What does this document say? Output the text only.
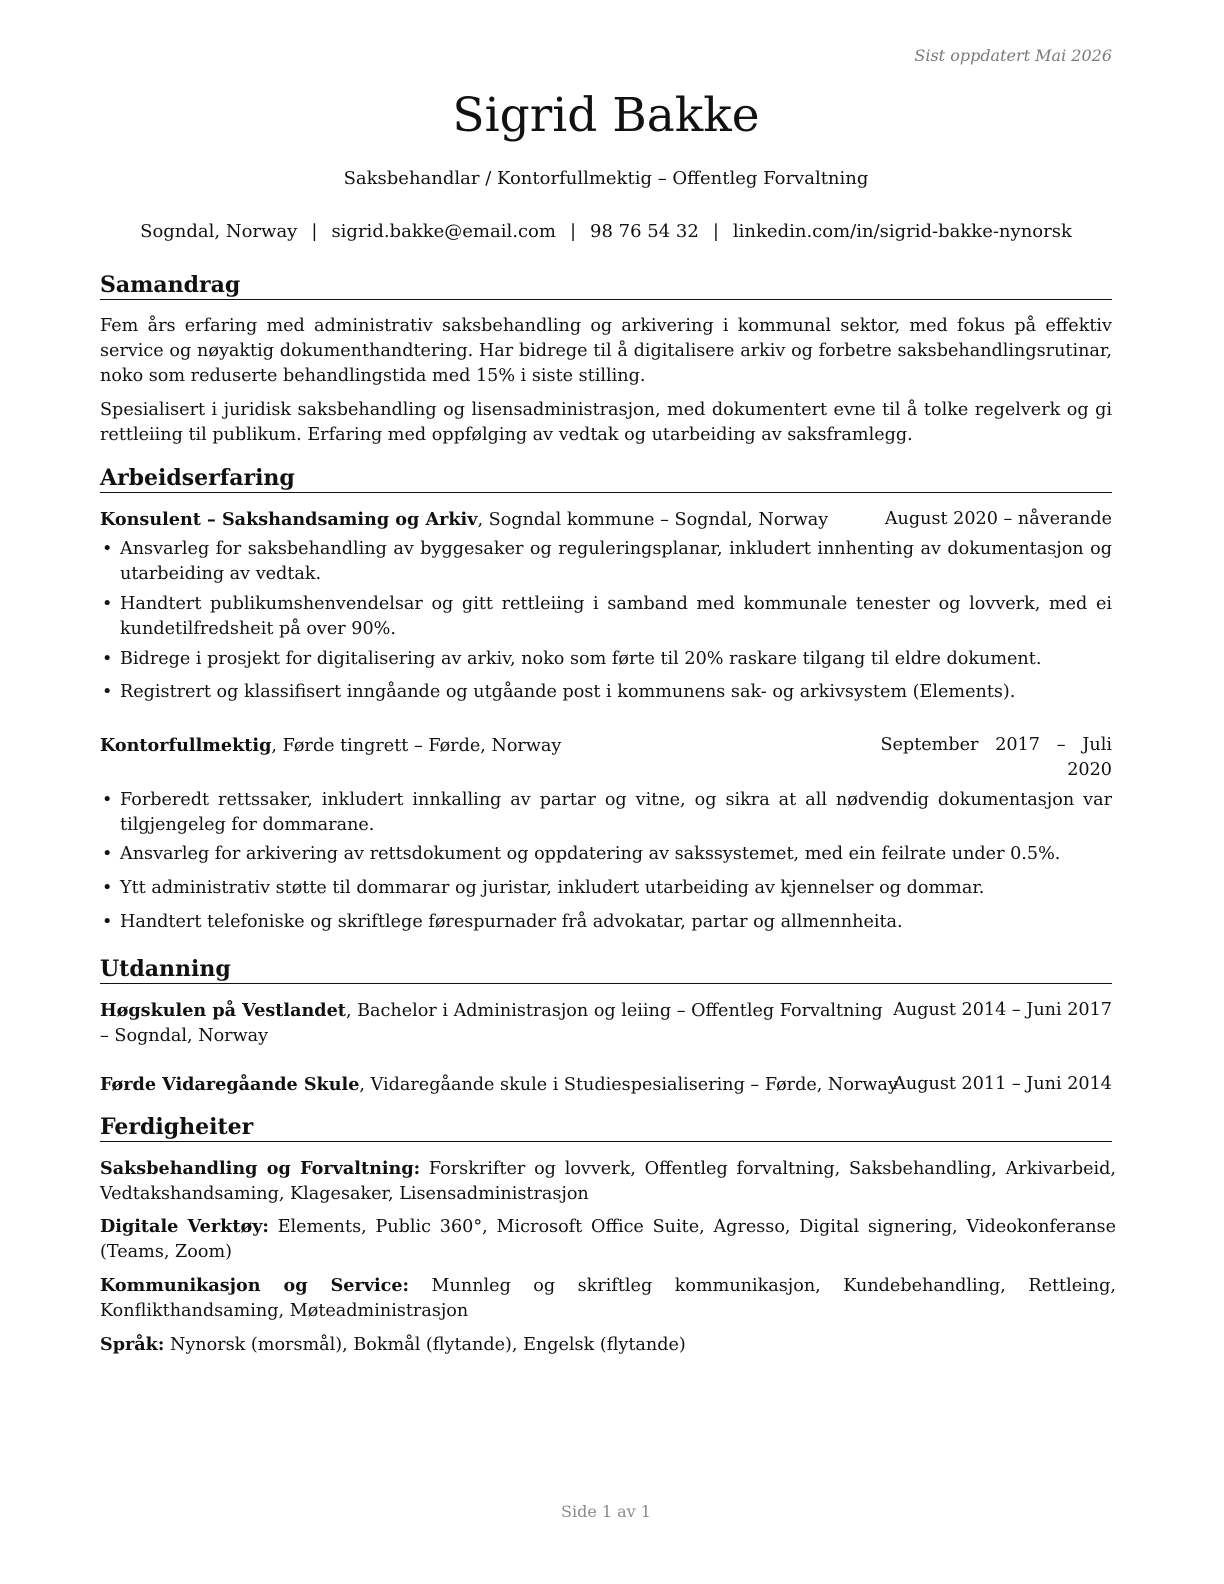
Sist oppdatert Mai 2026
Sigrid Bakke
Saksbehandlar / Kontorfullmektig – Offentleg Forvaltning
Sogndal, Norway | sigrid.bakke@email.com | 98 76 54 32 | linkedin.com/in/sigrid-bakke-nynorsk
Samandrag
Fem års erfaring med administrativ saksbehandling og arkivering i kommunal sektor, med fokus på effektiv service og nøyaktig dokumenthandtering. Har bidrege til å digitalisere arkiv og forbetre saksbehandlingsrutinar, noko som reduserte behandlingstida med 15% i siste stilling.
Spesialisert i juridisk saksbehandling og lisensadministrasjon, med dokumentert evne til å tolke regelverk og gi rettleiing til publikum. Erfaring med oppfølging av vedtak og utarbeiding av saksframlegg.
Arbeidserfaring
Konsulent – Sakshandsaming og Arkiv, Sogndal kommune – Sogndal, Norway	August 2020 – nåverande
• Ansvarleg for saksbehandling av byggesaker og reguleringsplanar, inkludert innhenting av dokumentasjon og utarbeiding av vedtak.
• Handtert publikumshenvendelsar og gitt rettleiing i samband med kommunale tenester og lovverk, med ei kundetilfredsheit på over 90%.
• Bidrege i prosjekt for digitalisering av arkiv, noko som førte til 20% raskare tilgang til eldre dokument.
• Registrert og klassifisert inngåande og utgåande post i kommunens sak- og arkivsystem (Elements).
Kontorfullmektig, Førde tingrett – Førde, Norway	September   2017   –   Juli
2020
• Forberedt rettssaker, inkludert innkalling av partar og vitne, og sikra at all nødvendig dokumentasjon var tilgjengeleg for dommarane.
• Ansvarleg for arkivering av rettsdokument og oppdatering av sakssystemet, med ein feilrate under 0.5%.
• Ytt administrativ støtte til dommarar og juristar, inkludert utarbeiding av kjennelser og dommar.
• Handtert telefoniske og skriftlege førespurnader frå advokatar, partar og allmennheita.
Utdanning
Høgskulen på Vestlandet, Bachelor i Administrasjon og leiing – Offentleg Forvaltning – Sogndal, Norway
August 2014 – Juni 2017
Førde Vidaregåande Skule, Vidaregåande skule i Studiespesialisering – Førde, Norway
August 2011 – Juni 2014
Ferdigheiter
Saksbehandling og Forvaltning: Forskrifter og lovverk, Offentleg forvaltning, Saksbehandling, Arkivarbeid, Vedtakshandsaming, Klagesaker, Lisensadministrasjon
Digitale Verktøy: Elements, Public 360°, Microsoft Office Suite, Agresso, Digital signering, Videokonferanse (Teams, Zoom)
Kommunikasjon og Service: Munnleg og skriftleg kommunikasjon, Kundebehandling, Rettleing, Konflikthandsaming, Møteadministrasjon
Språk: Nynorsk (morsmål), Bokmål (flytande), Engelsk (flytande)
Side 1 av 1
